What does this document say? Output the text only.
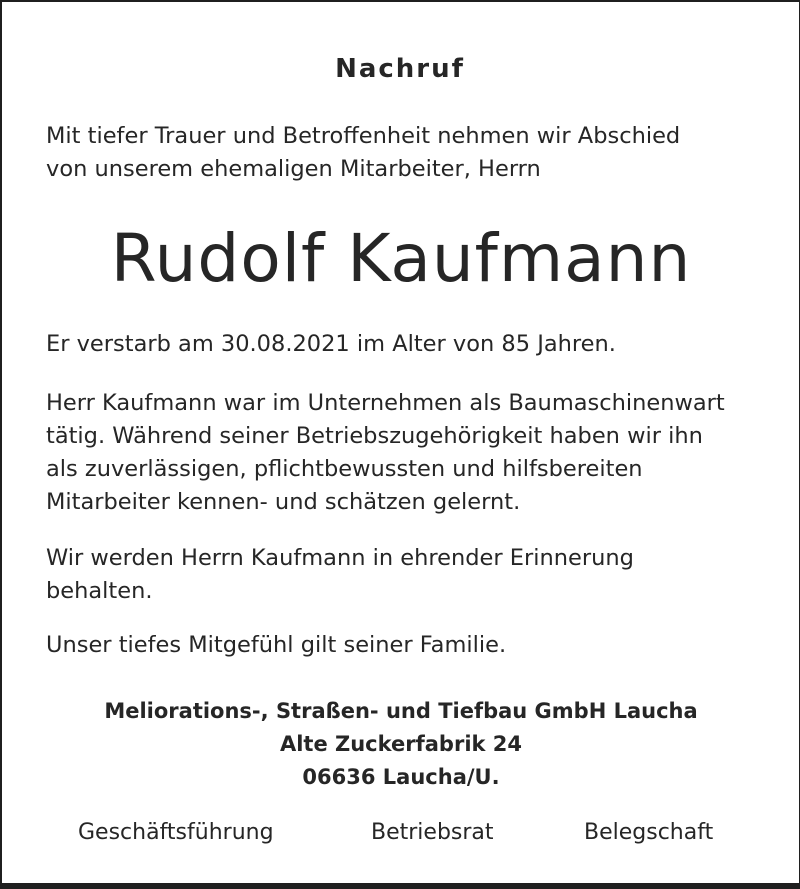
Nachruf
Mit tiefer Trauer und Betroffenheit nehmen wir Abschied
von unserem ehemaligen Mitarbeiter, Herrn
Rudolf Kaufmann
Er verstarb am 30.08.2021 im Alter von 85 Jahren.
Herr Kaufmann war im Unternehmen als Baumaschinenwart
tätig. Während seiner Betriebszugehörigkeit haben wir ihn
als zuverlässigen, pflichtbewussten und hilfsbereiten
Mitarbeiter kennen- und schätzen gelernt.
Wir werden Herrn Kaufmann in ehrender Erinnerung
behalten.
Unser tiefes Mitgefühl gilt seiner Familie.
Meliorations-, Straßen- und Tiefbau GmbH Laucha
Alte Zuckerfabrik 24
06636 Laucha/U.
Geschäftsführung	Betriebsrat	Belegschaft
